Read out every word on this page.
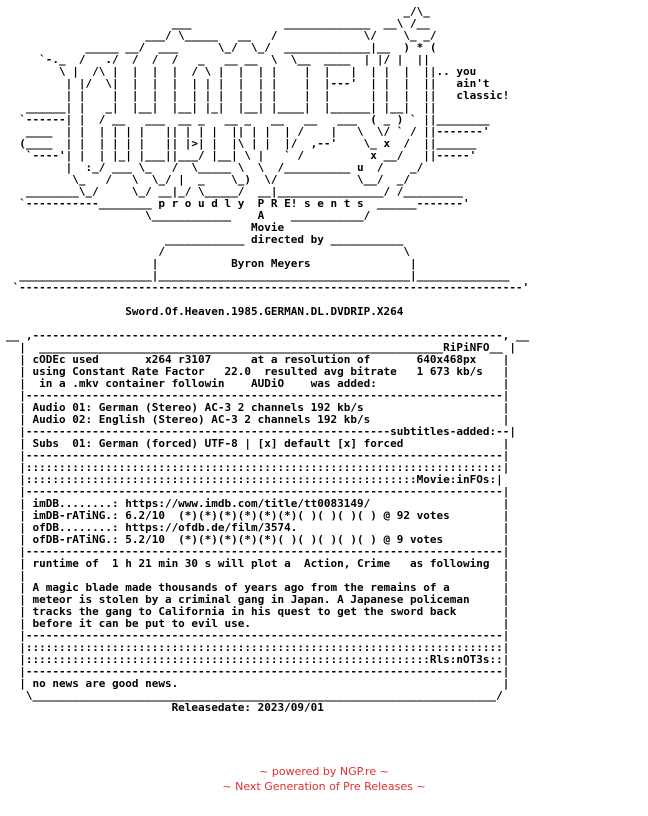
_/\_
___              _____________  __\ /__
___/ \_____   __   /             \/    \_ _/
_____ __/  ___      \_/  \_/  _____________|__  ) * (
`-._  /   ./  /  /  /   _   __ __  \  \__  ____  | |/ |  ||
\ |  /\ |  |  |  |  / \ |  |  | |    |  |   |  | |  |  ||.. you
| |/  \|  |  |  |  | | |  |  | |    |  |---'  | |  |  ||   ain't
| |    |  |  |  |  | | |  |  | |    |  |      | |  |  ||   classic!
______| |   _|  |__|  |__| |_|  |__| |____|  |______| |__|  ||
`------| |  / __   ___  __ _   __ _   __   __   ___  ( _ ) ` ||________
____  | |  | | | |   || | | |  || | |  | /    |   \  \/ ` / ||-------'
(____  | |  | | | |   || |>| |  |\ | |  |/  ,--'    \_ x  /  ||______
`----'| |  | |_| |___||___/ |__| \ |   ` /          x __/   ||-----'
|  :_/ ___ \_   /  \_____ \  \  /__________ u  /    _/
\_   /   \  \_/ |  _    \_)  \/            \__/  _/
________\_/     \_/ __|_/ \_____/  __|________________/ /_________
`-----------________ p r o u d l y  P R E! s e n t s  ______-------'
\____________    A    ___________/
Movie
____________ directed by ___________
/                                    \
|           Byron Meyers               |
____________________|______________________________________|______________
`----------------------------------------------------------------------------'

Sword.Of.Heaven.1985.GERMAN.DL.DVDRIP.X264

__ ,-----------------------------------------------------------------------, __
|  _____________________________________________________________RiPiNFO__ |
| cODEc used       x264 r3107      at a resolution of       640x468px    |
| using Constant Rate Factor   22.0  resulted avg bitrate   1 673 kb/s   |
|  in a .mkv container followin    AUDiO    was added:                   |
|------------------------------------------------------------------------|
| Audio 01: German (Stereo) AC-3 2 channels 192 kb/s                     |
| Audio 02: English (Stereo) AC-3 2 channels 192 kb/s                    |
|-------------------------------------------------------subtitles-added:--|
| Subs  01: German (forced) UTF-8 | [x] default [x] forced               |
|------------------------------------------------------------------------|
|::::::::::::::::::::::::::::::::::::::::::::::::::::::::::::::::::::::::|
|:::::::::::::::::::::::::::::::::::::::::::::::::::::::::::Movie:inFOs:|
|------------------------------------------------------------------------|
| imDB........: https://www.imdb.com/title/tt0083149/                    |
| imDB-rATiNG.: 6.2/10  (*)(*)(*)(*)(*)(*)( )( )( )( ) @ 92 votes        |
| ofDB........: https://ofdb.de/film/3574.                               |
| ofDB-rATiNG.: 5.2/10  (*)(*)(*)(*)(*)( )( )( )( )( ) @ 9 votes         |
|------------------------------------------------------------------------|
| runtime of  1 h 21 min 30 s will plot a  Action, Crime   as following  |
|                                                                        |
| A magic blade made thousands of years ago from the remains of a        |
| meteor is stolen by a criminal gang in Japan. A Japanese policeman     |
| tracks the gang to California in his quest to get the sword back       |
| before it can be put to evil use.                                      |
|------------------------------------------------------------------------|
|::::::::::::::::::::::::::::::::::::::::::::::::::::::::::::::::::::::::|
|:::::::::::::::::::::::::::::::::::::::::::::::::::::::::::::Rls:nOT3s::|
|------------------------------------------------------------------------|
| no news are good news.                                                 |
\______________________________________________________________________/
Releasedate: 2023/09/01

~ powered by NGP.re ~
~ Next Generation of Pre Releases ~
